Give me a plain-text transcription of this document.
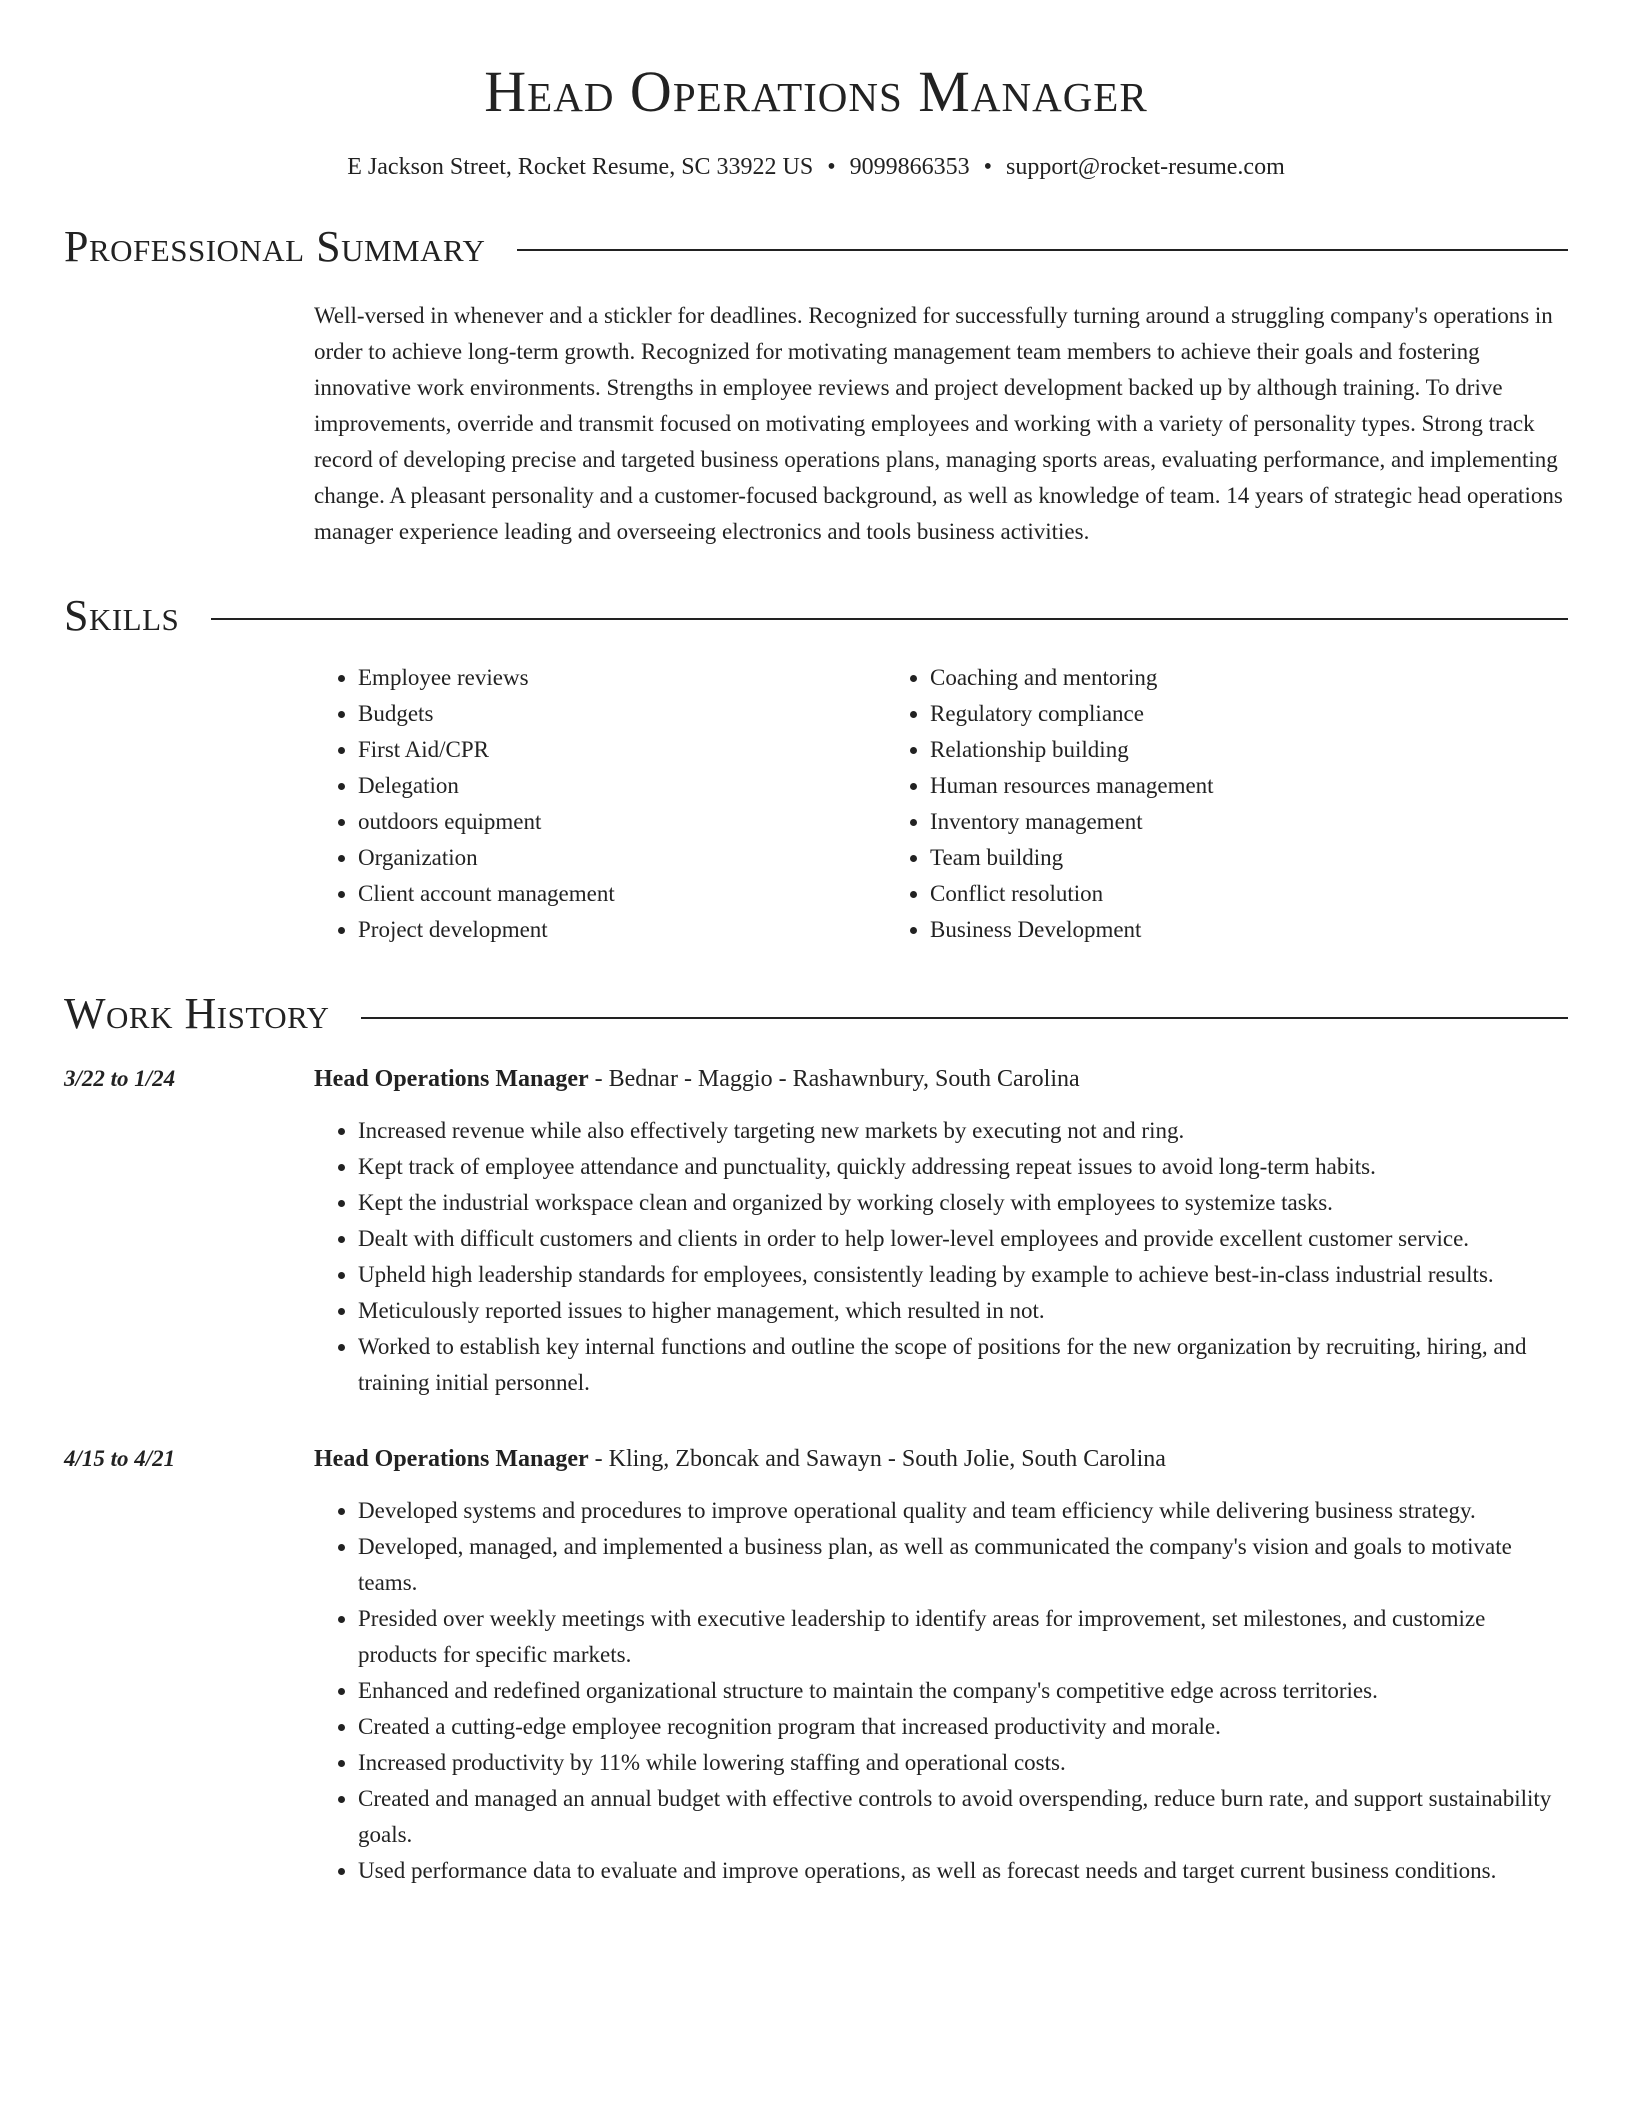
Head Operations Manager
E Jackson Street, Rocket Resume, SC 33922 US • 9099866353 • support@rocket-resume.com
Professional Summary
Well-versed in whenever and a stickler for deadlines. Recognized for successfully turning around a struggling company's operations in order to achieve long-term growth. Recognized for motivating management team members to achieve their goals and fostering innovative work environments. Strengths in employee reviews and project development backed up by although training. To drive improvements, override and transmit focused on motivating employees and working with a variety of personality types. Strong track record of developing precise and targeted business operations plans, managing sports areas, evaluating performance, and implementing change. A pleasant personality and a customer-focused background, as well as knowledge of team. 14 years of strategic head operations manager experience leading and overseeing electronics and tools business activities.
Skills
• Employee reviews
• Budgets
• First Aid/CPR
• Delegation
• outdoors equipment
• Organization
• Client account management
• Project development
• Coaching and mentoring
• Regulatory compliance
• Relationship building
• Human resources management
• Inventory management
• Team building
• Conflict resolution
• Business Development
Work History
3/22 to 1/24	Head Operations Manager - Bednar - Maggio - Rashawnbury, South Carolina
• Increased revenue while also effectively targeting new markets by executing not and ring.
• Kept track of employee attendance and punctuality, quickly addressing repeat issues to avoid long-term habits.
• Kept the industrial workspace clean and organized by working closely with employees to systemize tasks.
• Dealt with difficult customers and clients in order to help lower-level employees and provide excellent customer service.
• Upheld high leadership standards for employees, consistently leading by example to achieve best-in-class industrial results.
• Meticulously reported issues to higher management, which resulted in not.
• Worked to establish key internal functions and outline the scope of positions for the new organization by recruiting, hiring, and training initial personnel.
4/15 to 4/21	Head Operations Manager - Kling, Zboncak and Sawayn - South Jolie, South Carolina
• Developed systems and procedures to improve operational quality and team efficiency while delivering business strategy.
• Developed, managed, and implemented a business plan, as well as communicated the company's vision and goals to motivate teams.
• Presided over weekly meetings with executive leadership to identify areas for improvement, set milestones, and customize products for specific markets.
• Enhanced and redefined organizational structure to maintain the company's competitive edge across territories.
• Created a cutting-edge employee recognition program that increased productivity and morale.
• Increased productivity by 11% while lowering staffing and operational costs.
• Created and managed an annual budget with effective controls to avoid overspending, reduce burn rate, and support sustainability goals.
• Used performance data to evaluate and improve operations, as well as forecast needs and target current business conditions.
